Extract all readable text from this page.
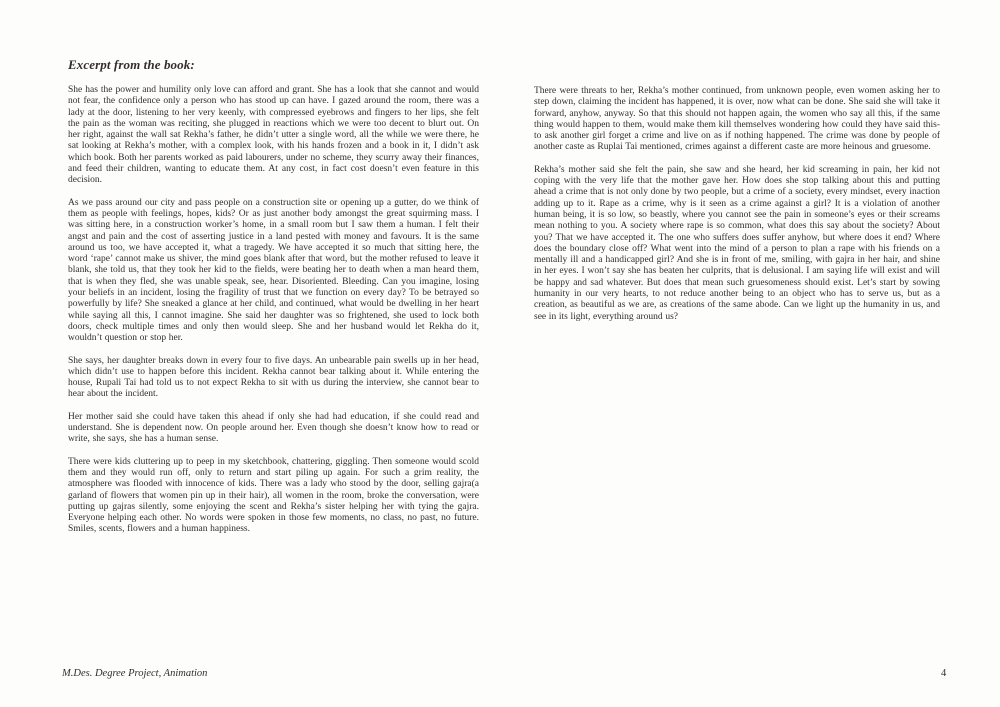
Excerpt from the book:

She has the power and humility only love can afford and grant. She has a look that she cannot and would not fear, the confidence only a person who has stood up can have. I gazed around the room, there was a lady at the door, listening to her very keenly, with compressed eyebrows and fingers to her lips, she felt the pain as the woman was reciting, she plugged in reactions which we were too decent to blurt out. On her right, against the wall sat Rekha’s father, he didn’t utter a single word, all the while we were there, he sat looking at Rekha’s mother, with a complex look, with his hands frozen and a book in it, I didn’t ask which book. Both her parents worked as paid labourers, under no scheme, they scurry away their finances, and feed their children, wanting to educate them. At any cost, in fact cost doesn’t even feature in this decision.

As we pass around our city and pass people on a construction site or opening up a gutter, do we think of them as people with feelings, hopes, kids? Or as just another body amongst the great squirming mass. I was sitting here, in a construction worker’s home, in a small room but I saw them a human. I felt their angst and pain and the cost of asserting justice in a land pested with money and favours. It is the same around us too, we have accepted it, what a tragedy. We have accepted it so much that sitting here, the word ‘rape’ cannot make us shiver, the mind goes blank after that word, but the mother refused to leave it blank, she told us, that they took her kid to the fields, were beating her to death when a man heard them, that is when they fled, she was unable speak, see, hear. Disoriented. Bleeding. Can you imagine, losing your beliefs in an incident, losing the fragility of trust that we function on every day? To be betrayed so powerfully by life? She sneaked a glance at her child, and continued, what would be dwelling in her heart while saying all this, I cannot imagine. She said her daughter was so frightened, she used to lock both doors, check multiple times and only then would sleep. She and her husband would let Rekha do it, wouldn’t question or stop her.

She says, her daughter breaks down in every four to five days. An unbearable pain swells up in her head, which didn’t use to happen before this incident. Rekha cannot bear talking about it. While entering the house, Rupali Tai had told us to not expect Rekha to sit with us during the interview, she cannot bear to hear about the incident.

Her mother said she could have taken this ahead if only she had had education, if she could read and understand. She is dependent now. On people around her. Even though she doesn’t know how to read or write, she says, she has a human sense.

There were kids cluttering up to peep in my sketchbook, chattering, giggling. Then someone would scold them and they would run off, only to return and start piling up again. For such a grim reality, the atmosphere was flooded with innocence of kids. There was a lady who stood by the door, selling gajra(a garland of flowers that women pin up in their hair), all women in the room, broke the conversation, were putting up gajras silently, some enjoying the scent and Rekha’s sister helping her with tying the gajra. Everyone helping each other. No words were spoken in those few moments, no class, no past, no future. Smiles, scents, flowers and a human happiness.

There were threats to her, Rekha’s mother continued, from unknown people, even women asking her to step down, claiming the incident has happened, it is over, now what can be done. She said she will take it forward, anyhow, anyway. So that this should not happen again, the women who say all this, if the same thing would happen to them, would make them kill themselves wondering how could they have said this- to ask another girl forget a crime and live on as if nothing happened. The crime was done by people of another caste as Ruplai Tai mentioned, crimes against a different caste are more heinous and gruesome.

Rekha’s mother said she felt the pain, she saw and she heard, her kid screaming in pain, her kid not coping with the very life that the mother gave her. How does she stop talking about this and putting ahead a crime that is not only done by two people, but a crime of a society, every mindset, every inaction adding up to it. Rape as a crime, why is it seen as a crime against a girl? It is a violation of another human being, it is so low, so beastly, where you cannot see the pain in someone’s eyes or their screams mean nothing to you. A society where rape is so common, what does this say about the society? About you? That we have accepted it. The one who suffers does suffer anyhow, but where does it end? Where does the boundary close off? What went into the mind of a person to plan a rape with his friends on a mentally ill and a handicapped girl? And she is in front of me, smiling, with gajra in her hair, and shine in her eyes. I won’t say she has beaten her culprits, that is delusional. I am saying life will exist and will be happy and sad whatever. But does that mean such gruesomeness should exist. Let’s start by sowing humanity in our very hearts, to not reduce another being to an object who has to serve us, but as a creation, as beautiful as we are, as creations of the same abode. Can we light up the humanity in us, and see in its light, everything around us?

M.Des. Degree Project, Animation	4
